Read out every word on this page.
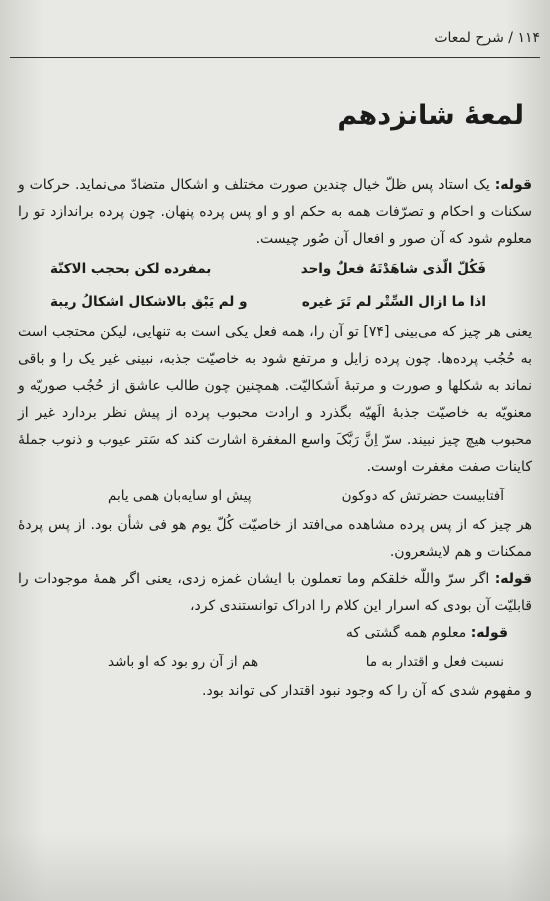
۱۱۴ / شرح لمعات
لمعهٔ شانزدهم

قوله: یک استاد پس ظلّ خیال چندین صورت مختلف و اشکال متضادّ می‌نماید. حرکات و سکنات و احکام و تصرّفات همه به حکم او و او پس پرده پنهان. چون پرده براندازد تو را معلوم شود که آن صور و افعال آن صُور چیست.

فَکُلّ الّذی شاهَدْتَهُ فعلٌ واحد
بمفرده لکن بحجب الاکنّة
اذا ما ازال السِّتْر لم تَرَ غیره
و لم یَبْق بالاشکال اشکالُ ریبة

یعنی هر چیز که می‌بینی [۷۴] تو آن را، همه فعل یکی است به تنهایی، لیکن محتجب است به حُجُب پرده‌ها. چون پرده زایل و مرتفع شود به خاصیّت جذبه، نبینی غیر یک را و باقی نماند به شکلها و صورت و مرتبهٔ اَشکالیّت. همچنین چون طالب عاشق از حُجُب صوریّه و معنویّه به خاصیّت جذبهٔ الَهیّه بگذرد و ارادت محبوب پرده از پیش نظر بردارد غیر از محبوب هیچ چیز نبیند. سرّ اِنَّ رَبَّکَ واسع المغفرة اشارت کند که سَتر عیوب و ذنوب جملهٔ کاینات صفت مغفرت اوست.

آفتابیست حضرتش که دوکون
پیش او سایه‌بان همی یابم

هر چیز که از پس پرده مشاهده می‌افتد از خاصیّت کُلّ یوم هو فی شأن بود. از پس پردهٔ ممکنات و هم لایشعرون.

قوله: اگر سرّ واللّه خلقکم وما تعملون با ایشان غمزه زدی، یعنی اگر همهٔ موجودات را قابلیّت آن بودی که اسرار این کلام را ادراک توانستندی کرد،

قوله: معلوم همه گشتی که

نسبت فعل و اقتدار به ما
هم از آن رو بود که او باشد

و مفهوم شدی که آن را که وجود نبود اقتدار کی تواند بود.
